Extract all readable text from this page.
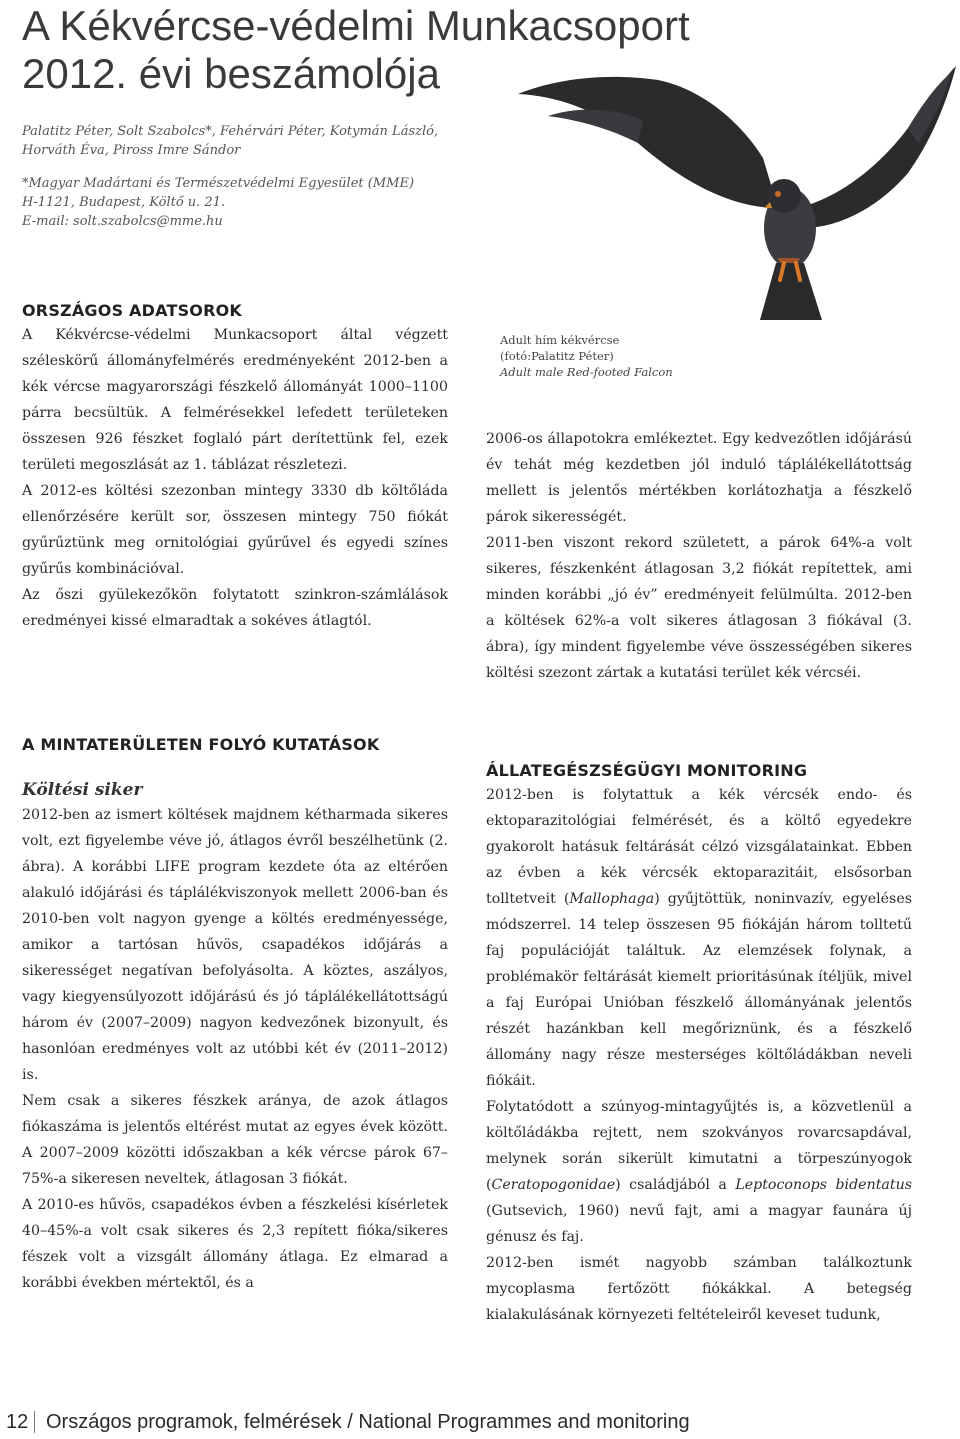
A Kékvércse-védelmi Munkacsoport
2012. évi beszámolója

Palatitz Péter, Solt Szabolcs*, Fehérvári Péter, Kotymán László,

Horváth Éva, Piross Imre Sándor

*Magyar Madártani és Természetvédelmi Egyesület (MME)

H-1121, Budapest, Költő u. 21.

E-mail: solt.szabolcs@mme.hu

Adult hím kékvércse

(fotó:Palatitz Péter)

Adult male Red-footed Falcon

ORSZÁGOS ADATSOROK

A Kékvércse-védelmi Munkacsoport által végzett széleskörű állományfelmérés eredményeként 2012-ben a kék vércse magyarországi fészkelő állományát 1000–1100 párra becsültük. A felmérésekkel lefedett területeken összesen 926 fészket foglaló párt derítettünk fel, ezek területi megoszlását az 1. táblázat részletezi.

A 2012-es költési szezonban mintegy 3330 db költőláda ellenőrzésére került sor, összesen mintegy 750 fiókát gyűrűztünk meg ornitológiai gyűrűvel és egyedi színes gyűrűs kombinációval.

Az őszi gyülekezőkön folytatott szinkron-számlálások eredményei kissé elmaradtak a sokéves átlagtól.

A MINTATERÜLETEN FOLYÓ KUTATÁSOK
Költési siker

2012-ben az ismert költések majdnem kétharmada sikeres volt, ezt figyelembe véve jó, átlagos évről beszélhetünk (2. ábra). A korábbi LIFE program kezdete óta az eltérően alakuló időjárási és táplálékviszonyok mellett 2006-ban és 2010-ben volt nagyon gyenge a költés eredményessége, amikor a tartósan hűvös, csapadékos időjárás a sikerességet negatívan befolyásolta. A köztes, aszályos, vagy kiegyensúlyozott időjárású és jó táplálékellátottságú három év (2007–2009) nagyon kedvezőnek bizonyult, és hasonlóan eredményes volt az utóbbi két év (2011–2012) is.

Nem csak a sikeres fészkek aránya, de azok átlagos fiókaszáma is jelentős eltérést mutat az egyes évek között. A 2007–2009 közötti időszakban a kék vércse párok 67–75%-a sikeresen neveltek, átlagosan 3 fiókát.

A 2010-es hűvös, csapadékos évben a fészkelési kísérletek 40–45%-a volt csak sikeres és 2,3 repített fióka/sikeres fészek volt a vizsgált állomány átlaga. Ez elmarad a korábbi években mértektől, és a

2006-os állapotokra emlékeztet. Egy kedvezőtlen időjárású év tehát még kezdetben jól induló táplálékellátottság mellett is jelentős mértékben korlátozhatja a fészkelő párok sikerességét.

2011-ben viszont rekord született, a párok 64%-a volt sikeres, fészkenként átlagosan 3,2 fiókát repítettek, ami minden korábbi „jó év” eredményeit felülmúlta. 2012-ben a költések 62%-a volt sikeres átlagosan 3 fiókával (3. ábra), így mindent figyelembe véve összességében sikeres költési szezont zártak a kutatási terület kék vércséi.

ÁLLATEGÉSZSÉGÜGYI MONITORING

2012-ben is folytattuk a kék vércsék endo- és ektoparazitológiai felmérését, és a költő egyedekre gyakorolt hatásuk feltárását célzó vizsgálatainkat. Ebben az évben a kék vércsék ektoparazitáit, elsősorban tolltetveit (Mallophaga) gyűjtöttük, noninvazív, egyeléses módszerrel. 14 telep összesen 95 fiókáján három tolltetű faj populációját találtuk. Az elemzések folynak, a problémakör feltárását kiemelt prioritásúnak ítéljük, mivel a faj Európai Unióban fészkelő állományának jelentős részét hazánkban kell megőriznünk, és a fészkelő állomány nagy része mesterséges költőládákban neveli fiókáit.

Folytatódott a szúnyog-mintagyűjtés is, a közvetlenül a költőládákba rejtett, nem szokványos rovarcsapdával, melynek során sikerült kimutatni a törpeszúnyogok (Ceratopogonidae) családjából a Leptoconops bidentatus (Gutsevich, 1960) nevű fajt, ami a magyar faunára új génusz és faj.

2012-ben ismét nagyobb számban találkoztunk mycoplasma fertőzött fiókákkal. A betegség kialakulásának környezeti feltételeiről keveset tudunk,

12 Országos programok, felmérések / National Programmes and monitoring
